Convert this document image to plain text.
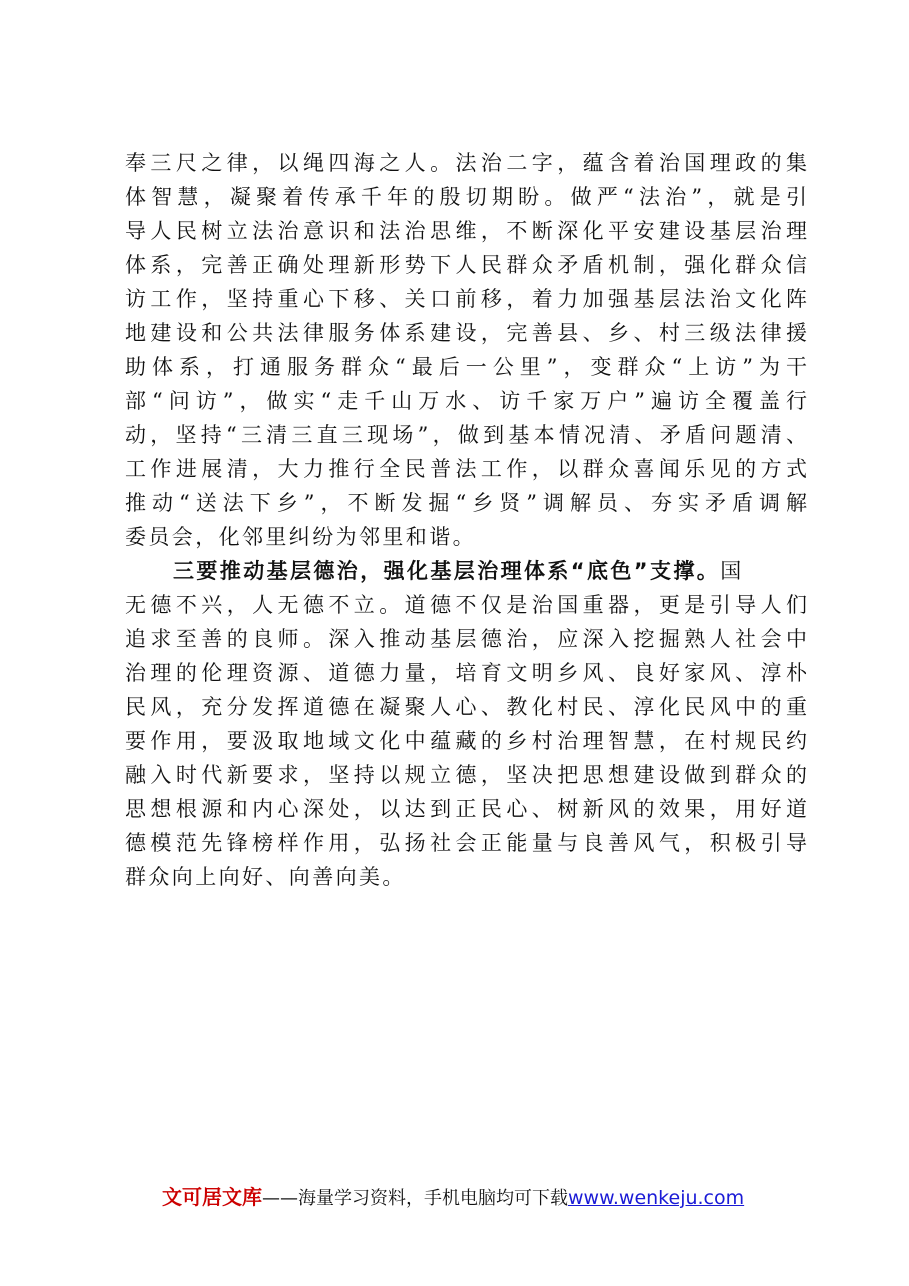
奉三尺之律，以绳四海之人。法治二字，蕴含着治国理政的集
体智慧，凝聚着传承千年的殷切期盼。做严“法治”，就是引
导人民树立法治意识和法治思维，不断深化平安建设基层治理
体系，完善正确处理新形势下人民群众矛盾机制，强化群众信
访工作，坚持重心下移、关口前移，着力加强基层法治文化阵
地建设和公共法律服务体系建设，完善县、乡、村三级法律援
助体系，打通服务群众“最后一公里”，变群众“上访”为干
部“问访”，做实“走千山万水、访千家万户”遍访全覆盖行
动，坚持“三清三直三现场”，做到基本情况清、矛盾问题清、
工作进展清，大力推行全民普法工作，以群众喜闻乐见的方式
推动“送法下乡”，不断发掘“乡贤”调解员、夯实矛盾调解
委员会，化邻里纠纷为邻里和谐。
三要推动基层德治，强化基层治理体系“底色”支撑。国
无德不兴，人无德不立。道德不仅是治国重器，更是引导人们
追求至善的良师。深入推动基层德治，应深入挖掘熟人社会中
治理的伦理资源、道德力量，培育文明乡风、良好家风、淳朴
民风，充分发挥道德在凝聚人心、教化村民、淳化民风中的重
要作用，要汲取地域文化中蕴藏的乡村治理智慧，在村规民约
融入时代新要求，坚持以规立德，坚决把思想建设做到群众的
思想根源和内心深处，以达到正民心、树新风的效果，用好道
德模范先锋榜样作用，弘扬社会正能量与良善风气，积极引导
群众向上向好、向善向美。
文可居文库——海量学习资料，手机电脑均可下载www.wenkeju.com
